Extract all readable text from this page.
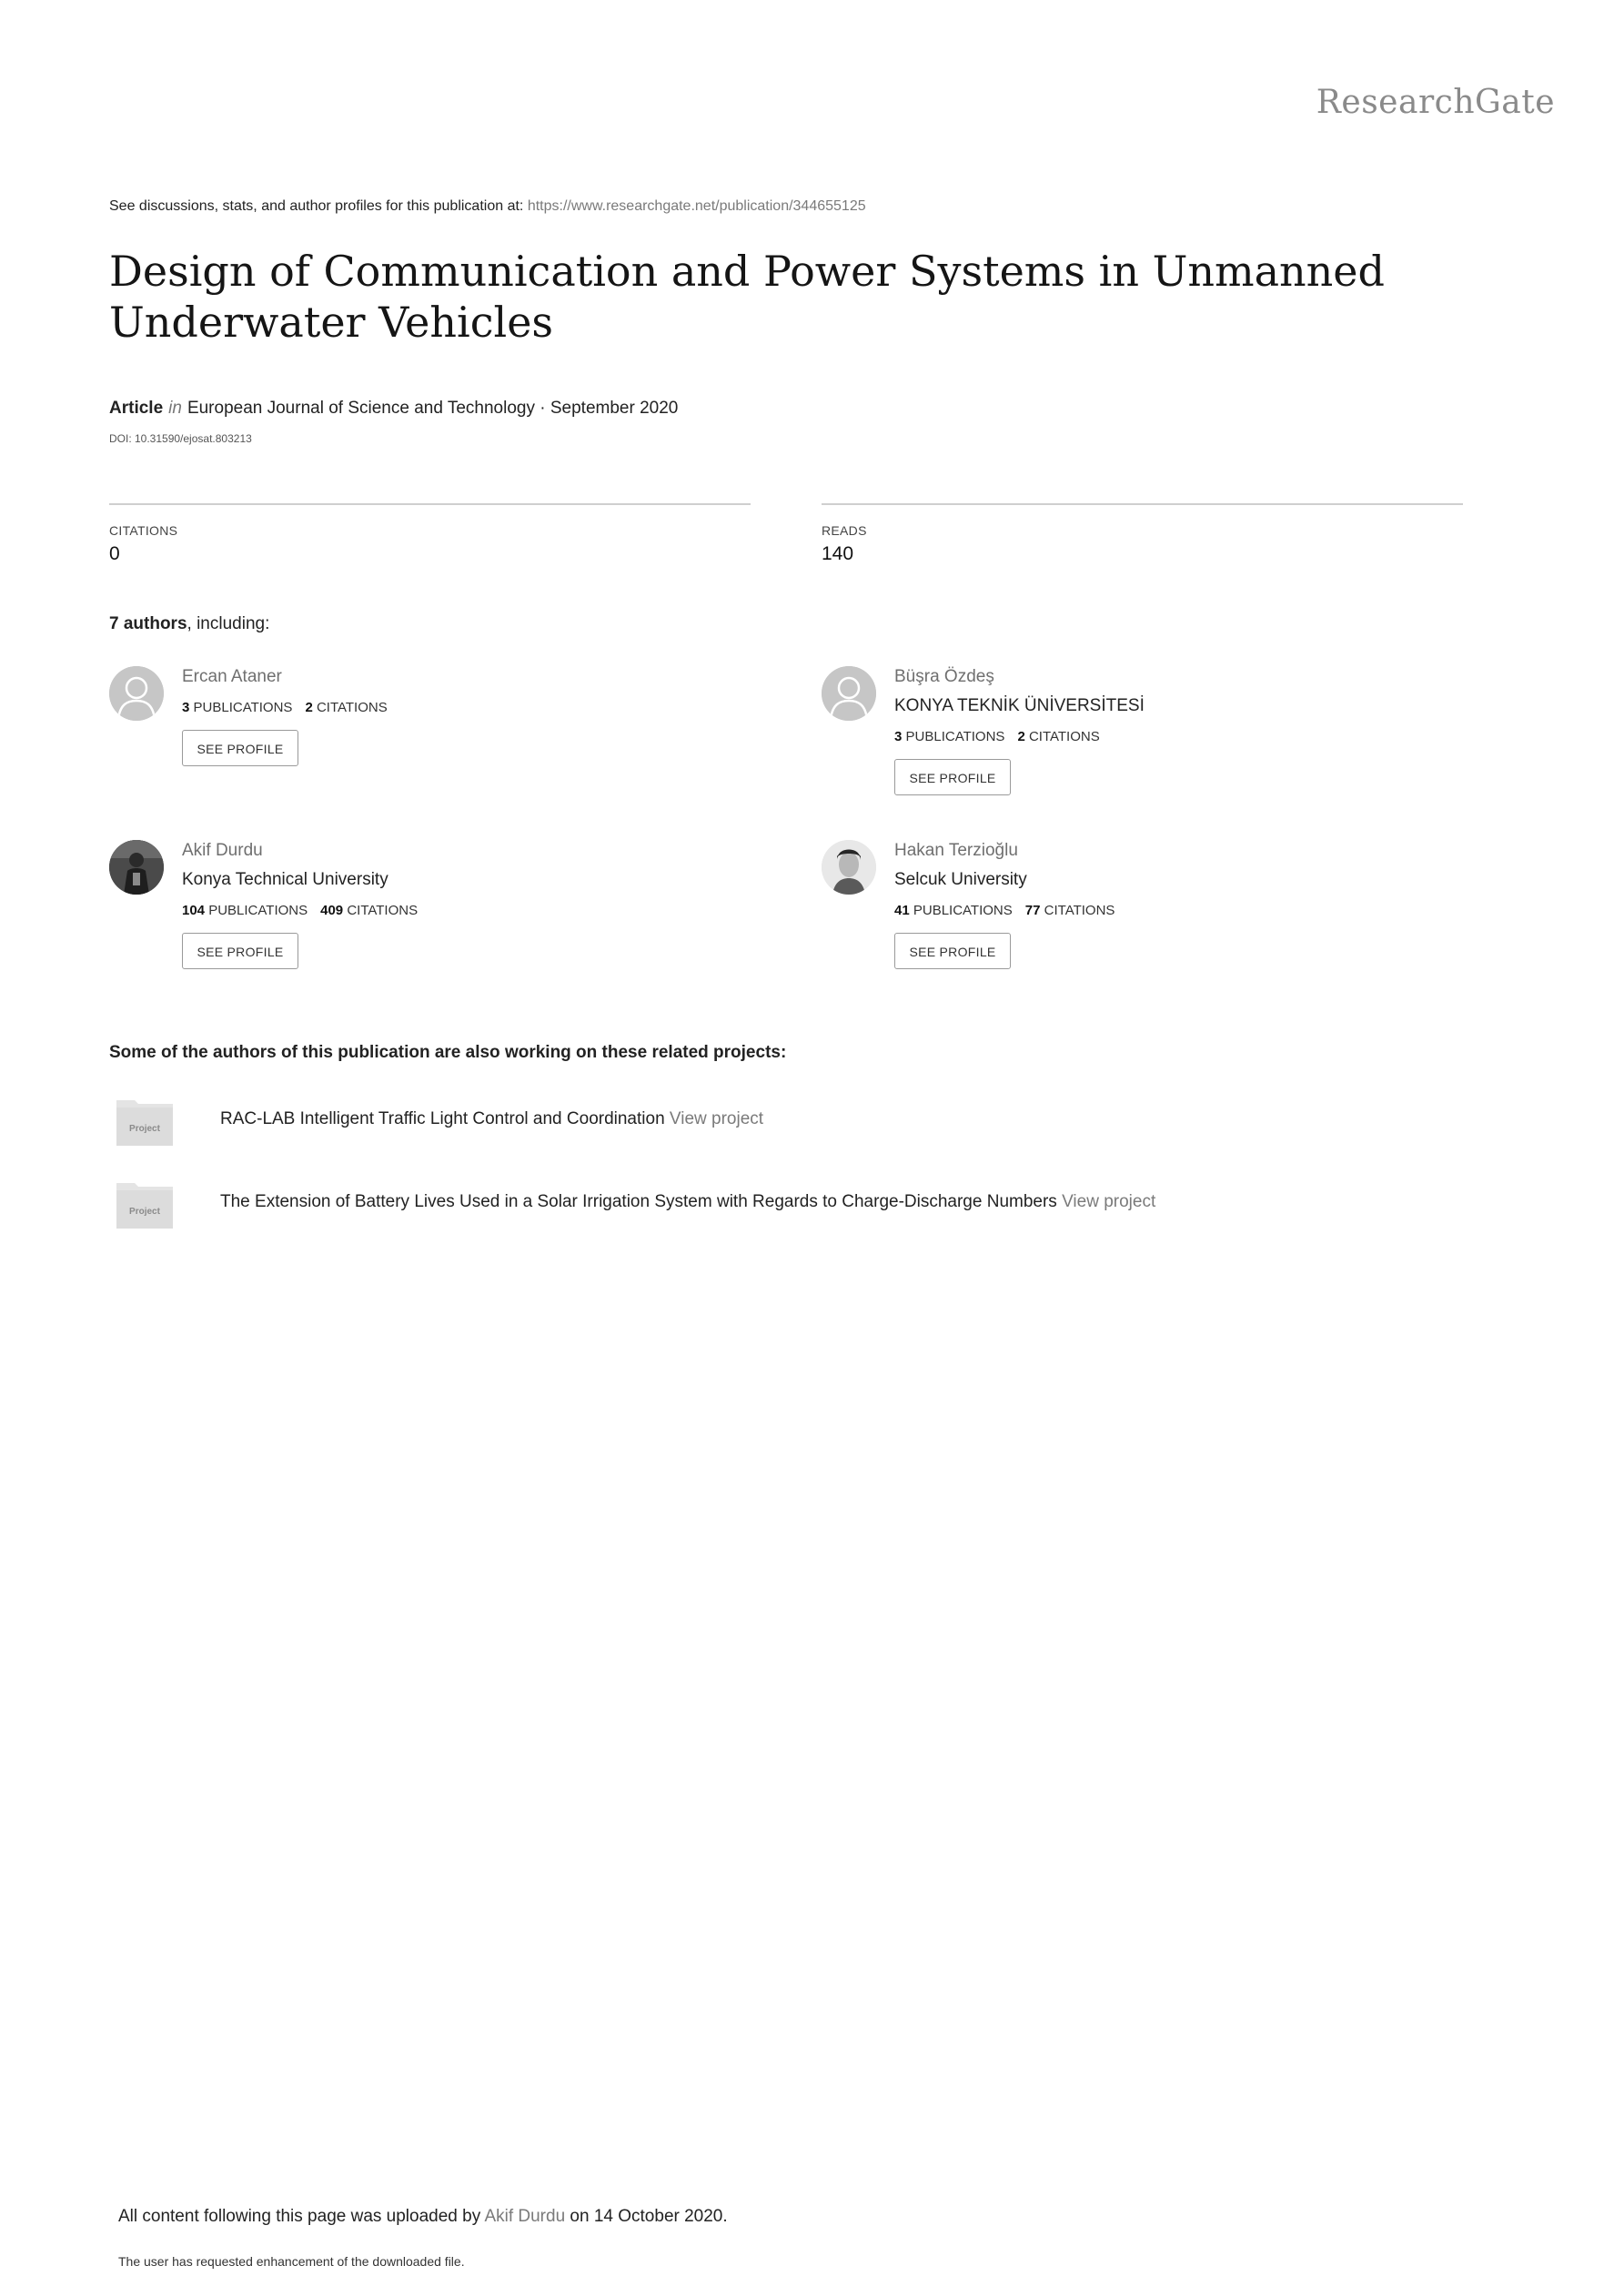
ResearchGate
See discussions, stats, and author profiles for this publication at: https://www.researchgate.net/publication/344655125
Design of Communication and Power Systems in Unmanned Underwater Vehicles
Article in European Journal of Science and Technology · September 2020
DOI: 10.31590/ejosat.803213
CITATIONS
0
READS
140
7 authors, including:
Ercan Ataner
3 PUBLICATIONS 2 CITATIONS
SEE PROFILE
Büşra Özdeş
KONYA TEKNİK ÜNİVERSİTESİ
3 PUBLICATIONS 2 CITATIONS
SEE PROFILE
Akif Durdu
Konya Technical University
104 PUBLICATIONS 409 CITATIONS
SEE PROFILE
Hakan Terzioğlu
Selcuk University
41 PUBLICATIONS 77 CITATIONS
SEE PROFILE
Some of the authors of this publication are also working on these related projects:
Project
RAC-LAB Intelligent Traffic Light Control and Coordination View project
Project
The Extension of Battery Lives Used in a Solar Irrigation System with Regards to Charge-Discharge Numbers View project
All content following this page was uploaded by Akif Durdu on 14 October 2020.
The user has requested enhancement of the downloaded file.
